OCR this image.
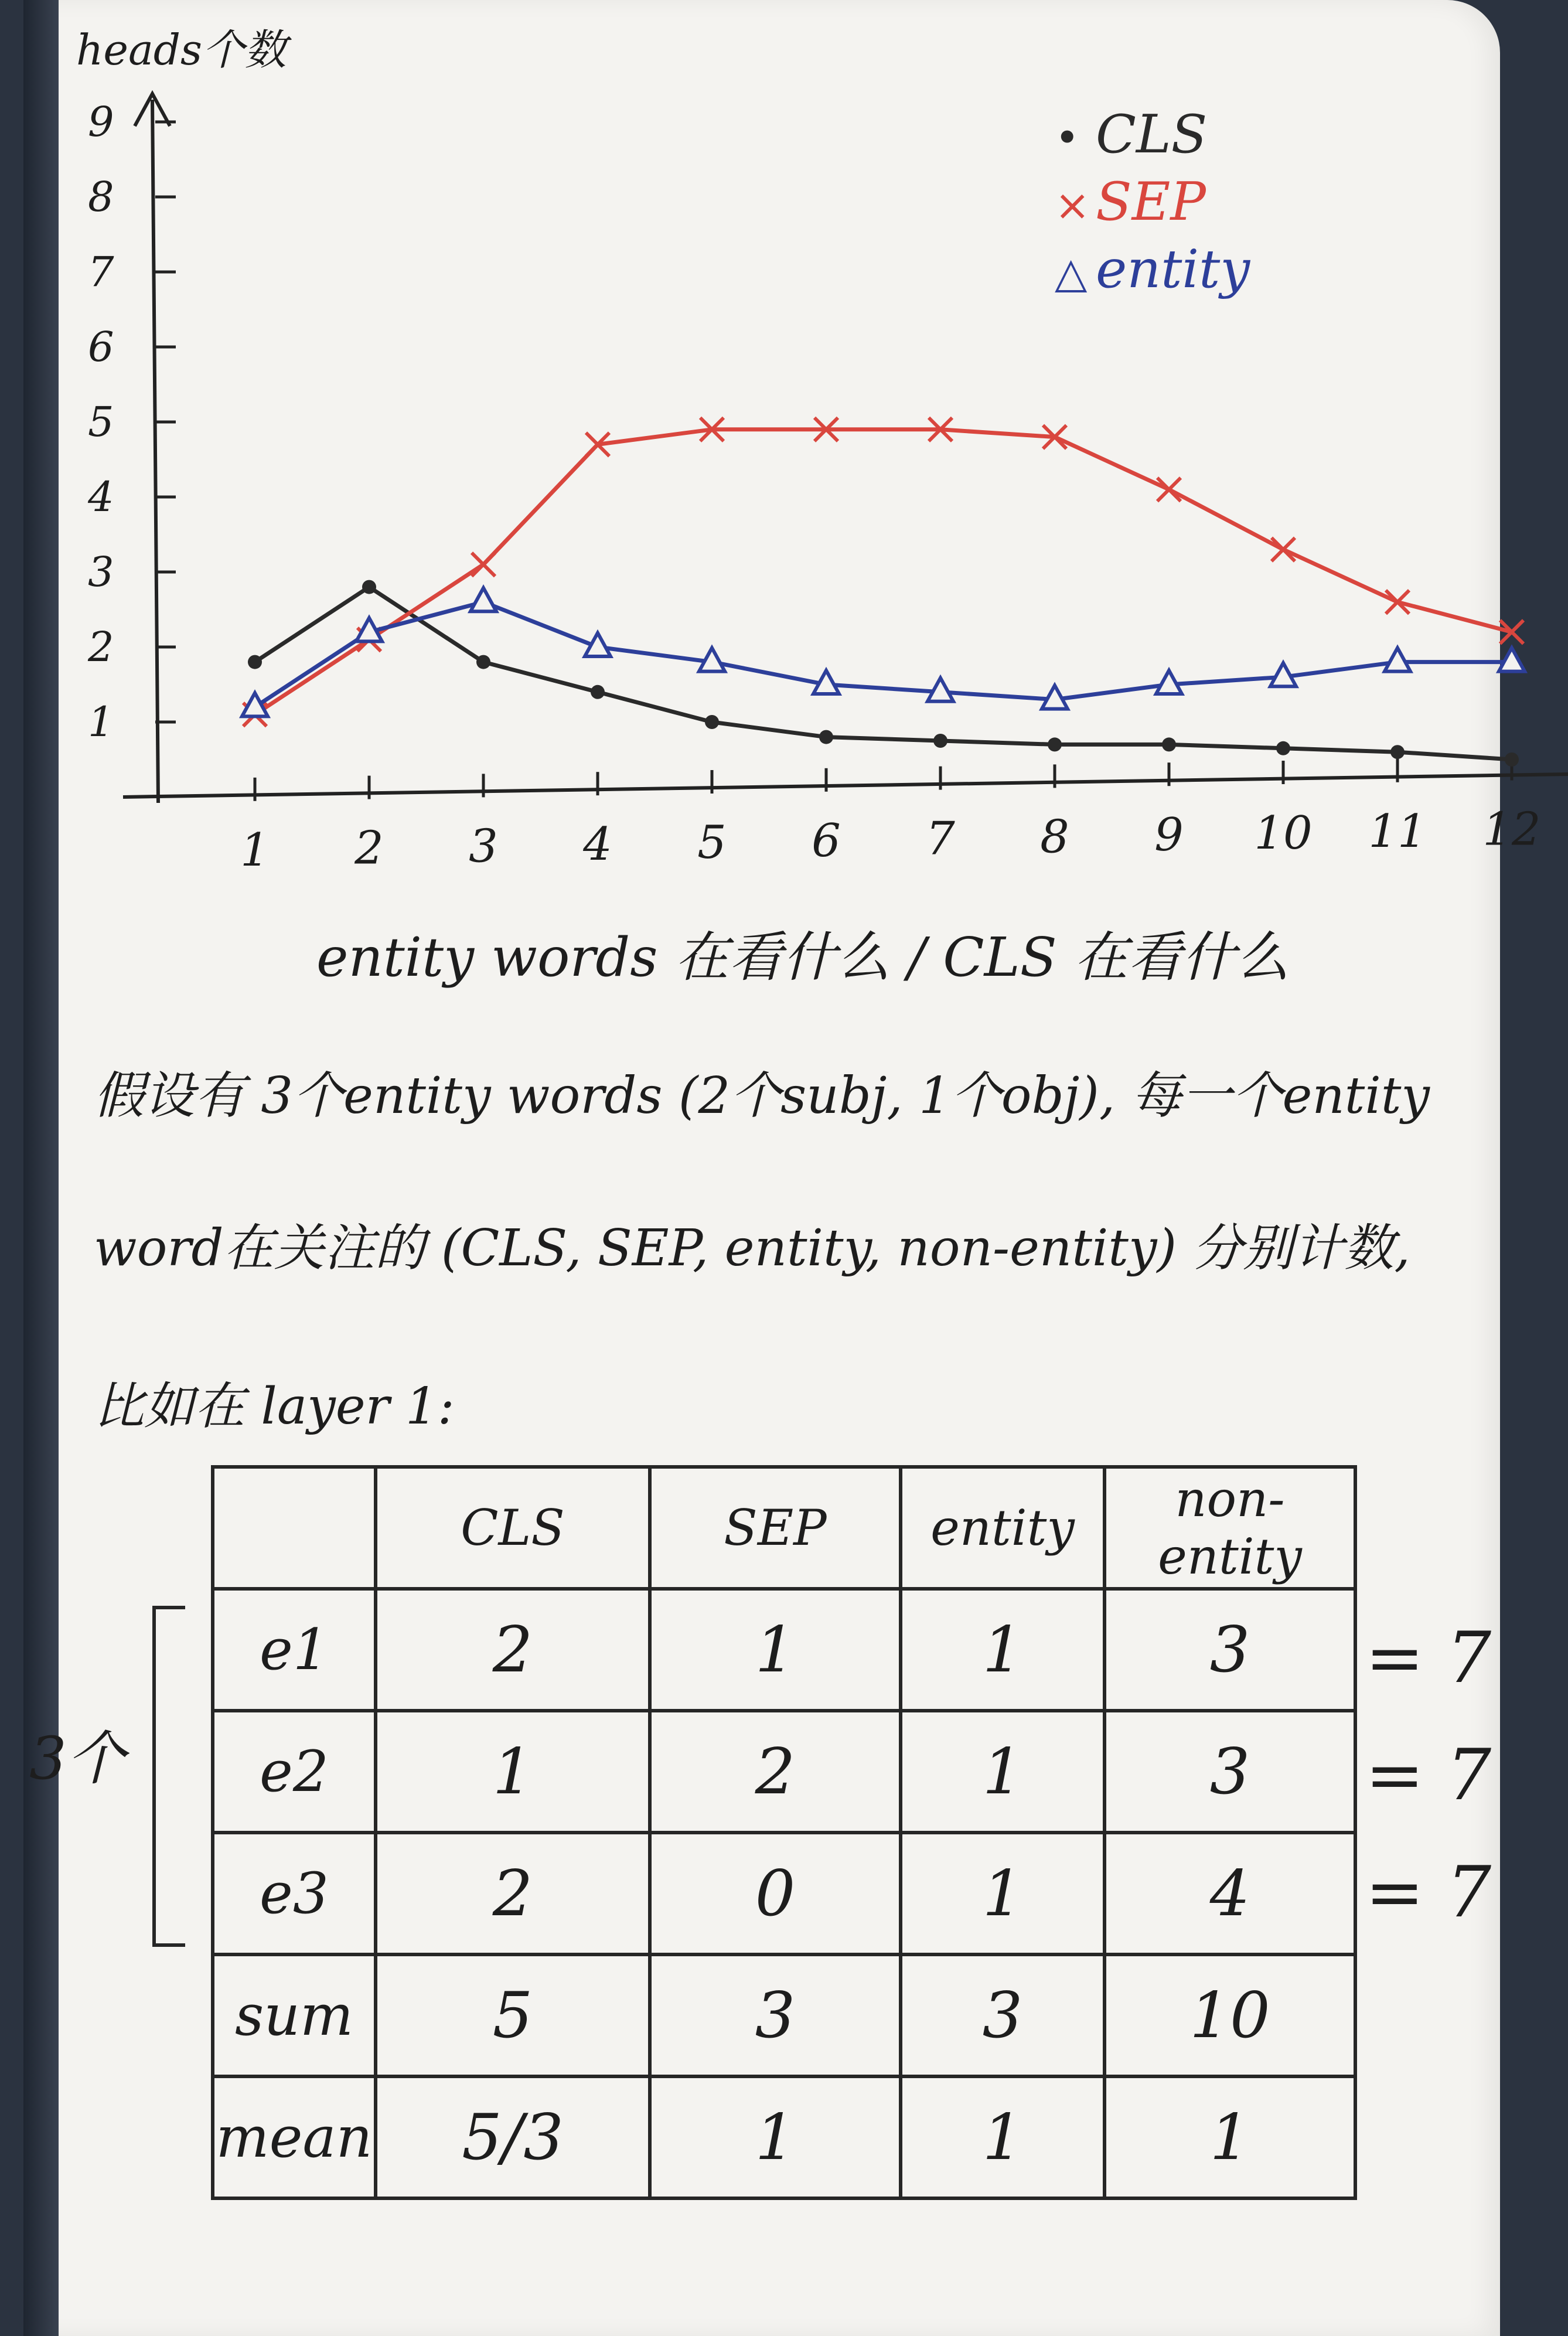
heads个数
1
2
3
4
5
6
7
8
9
1 2 3 4 5 6 7 8 9 10 11 12
• CLS
× SEP
△ entity
entity words 在看什么 / CLS 在看什么
假设有 3个entity words (2个subj, 1个obj), 每一个entity
word在关注的 (CLS, SEP, entity, non-entity) 分别计数,
比如在 layer 1:
3个
	CLS	SEP	entity	non-entity
e1	2	1	1	3
e2	1	2	1	3
e3	2	0	1	4
sum	5	3	3	10
mean	5/3	1	1	1
= 7
= 7
= 7
